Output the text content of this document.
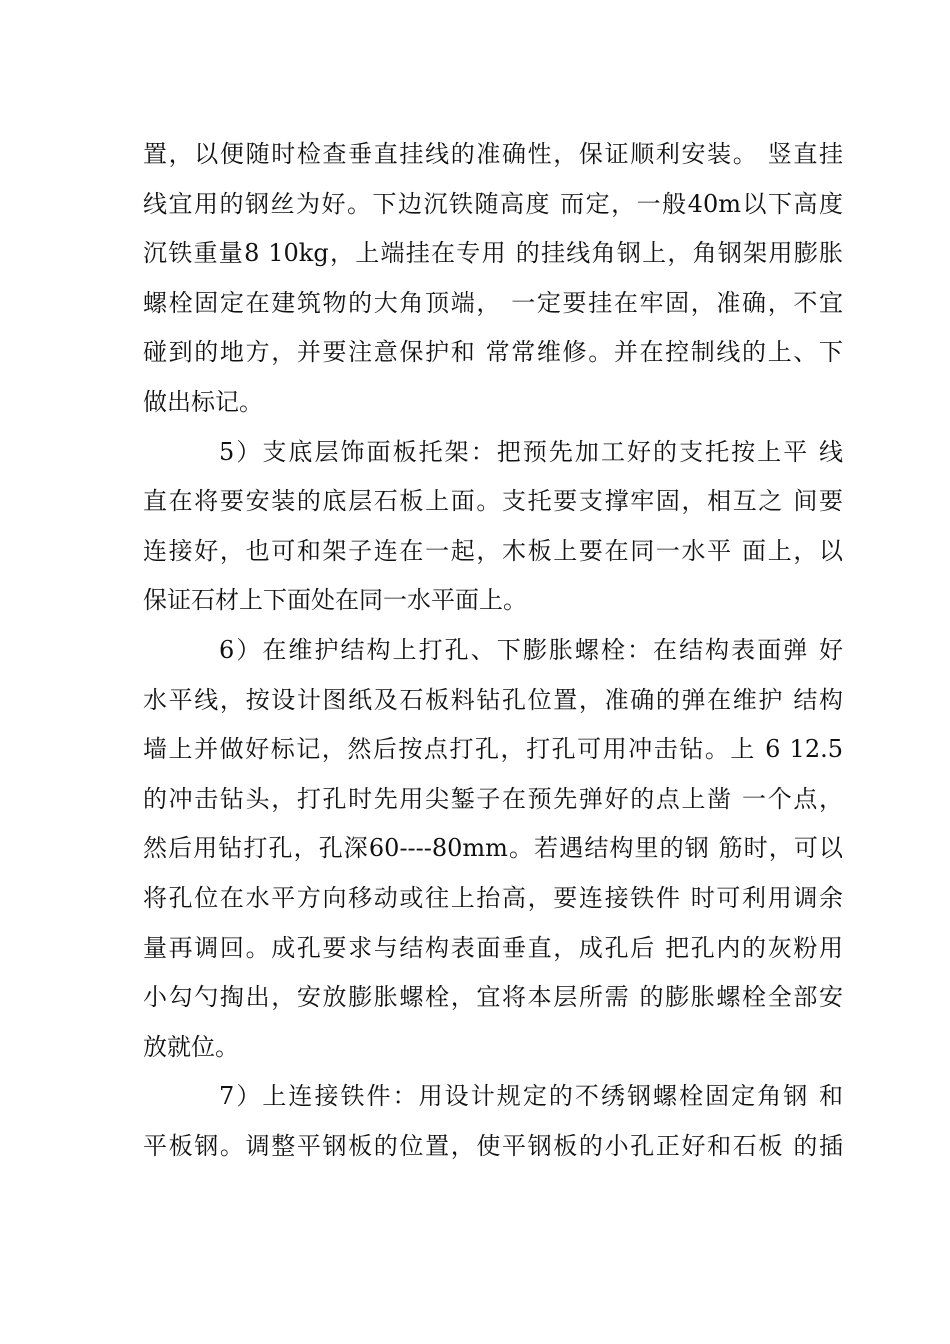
置，以便随时检查垂直挂线的准确性，保证顺利安装。 竖直挂
线宜用的钢丝为好。下边沉铁随高度 而定，一般40m以下高度
沉铁重量8 10kg，上端挂在专用 的挂线角钢上，角钢架用膨胀
螺栓固定在建筑物的大角顶端， 一定要挂在牢固，准确，不宜
碰到的地方，并要注意保护和 常常维修。并在控制线的上、下
做出标记。
5）支底层饰面板托架：把预先加工好的支托按上平 线
直在将要安装的底层石板上面。支托要支撑牢固，相互之 间要
连接好，也可和架子连在一起，木板上要在同一水平 面上，以
保证石材上下面处在同一水平面上。
6）在维护结构上打孔、下膨胀螺栓：在结构表面弹 好
水平线，按设计图纸及石板料钻孔位置，准确的弹在维护 结构
墙上并做好标记，然后按点打孔，打孔可用冲击钻。上 6 12.5
的冲击钻头，打孔时先用尖錾子在预先弹好的点上凿 一个点，
然后用钻打孔，孔深60----80mm。若遇结构里的钢 筋时，可以
将孔位在水平方向移动或往上抬高，要连接铁件 时可利用调余
量再调回。成孔要求与结构表面垂直，成孔后 把孔内的灰粉用
小勾勺掏出，安放膨胀螺栓，宜将本层所需 的膨胀螺栓全部安
放就位。
7）上连接铁件：用设计规定的不绣钢螺栓固定角钢 和
平板钢。调整平钢板的位置，使平钢板的小孔正好和石板 的插
